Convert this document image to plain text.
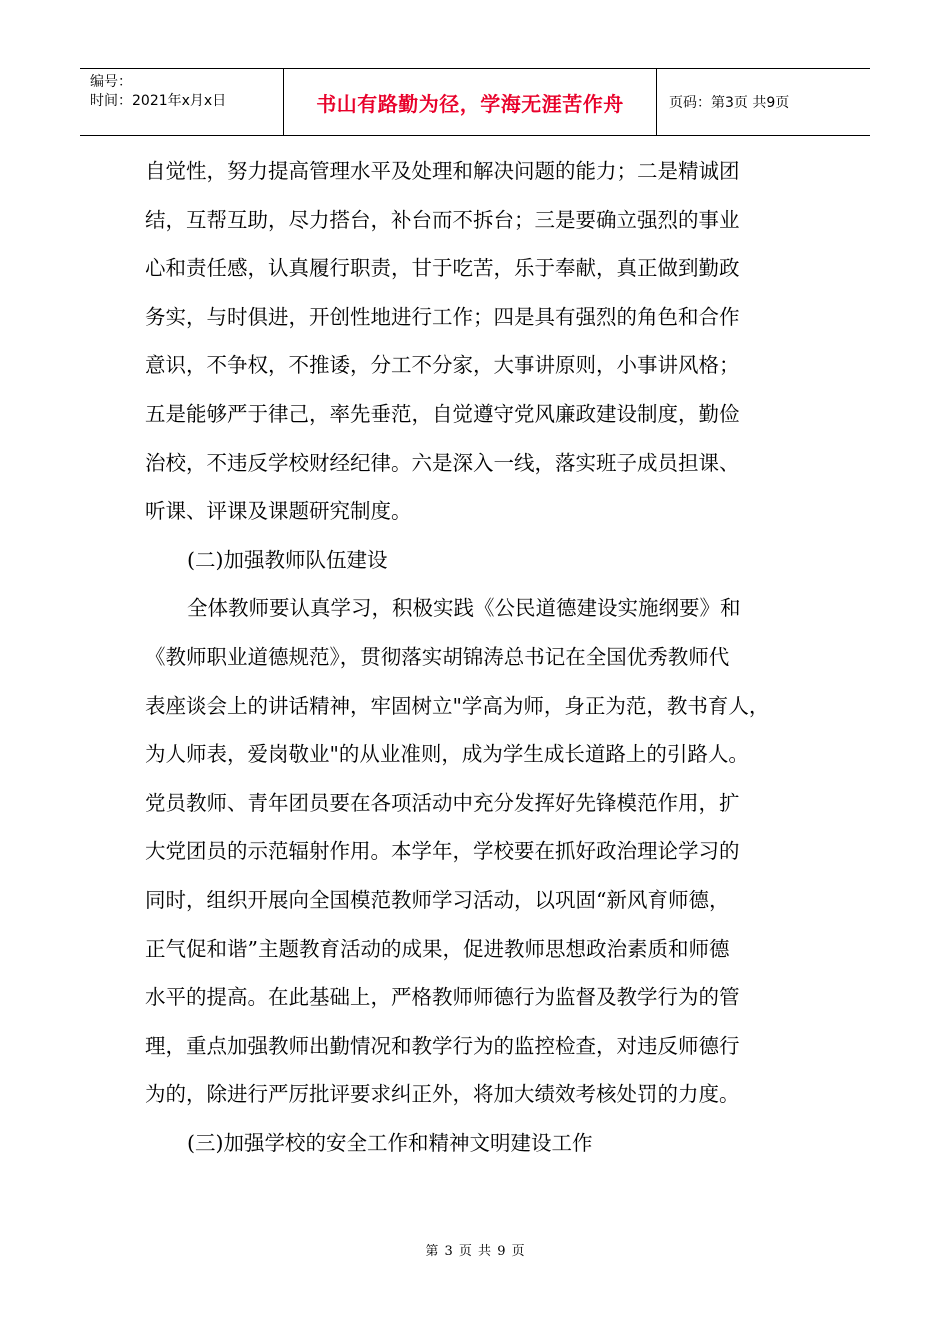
编号：
时间：2021年x月x日	书山有路勤为径，学海无涯苦作舟	页码：第3页 共9页
自觉性，努力提高管理水平及处理和解决问题的能力；二是精诚团
结，互帮互助，尽力搭台，补台而不拆台；三是要确立强烈的事业
心和责任感，认真履行职责，甘于吃苦，乐于奉献，真正做到勤政
务实，与时俱进，开创性地进行工作；四是具有强烈的角色和合作
意识，不争权，不推诿，分工不分家，大事讲原则，小事讲风格；
五是能够严于律己，率先垂范，自觉遵守党风廉政建设制度，勤俭
治校，不违反学校财经纪律。六是深入一线，落实班子成员担课、
听课、评课及课题研究制度。
(二)加强教师队伍建设
全体教师要认真学习，积极实践《公民道德建设实施纲要》和
《教师职业道德规范》，贯彻落实胡锦涛总书记在全国优秀教师代
表座谈会上的讲话精神，牢固树立"学高为师，身正为范，教书育人，
为人师表，爱岗敬业"的从业准则，成为学生成长道路上的引路人。
党员教师、青年团员要在各项活动中充分发挥好先锋模范作用，扩
大党团员的示范辐射作用。本学年，学校要在抓好政治理论学习的
同时，组织开展向全国模范教师学习活动，以巩固“新风育师德，
正气促和谐”主题教育活动的成果，促进教师思想政治素质和师德
水平的提高。在此基础上，严格教师师德行为监督及教学行为的管
理，重点加强教师出勤情况和教学行为的监控检查，对违反师德行
为的，除进行严厉批评要求纠正外，将加大绩效考核处罚的力度。
(三)加强学校的安全工作和精神文明建设工作
第 3 页 共 9 页
